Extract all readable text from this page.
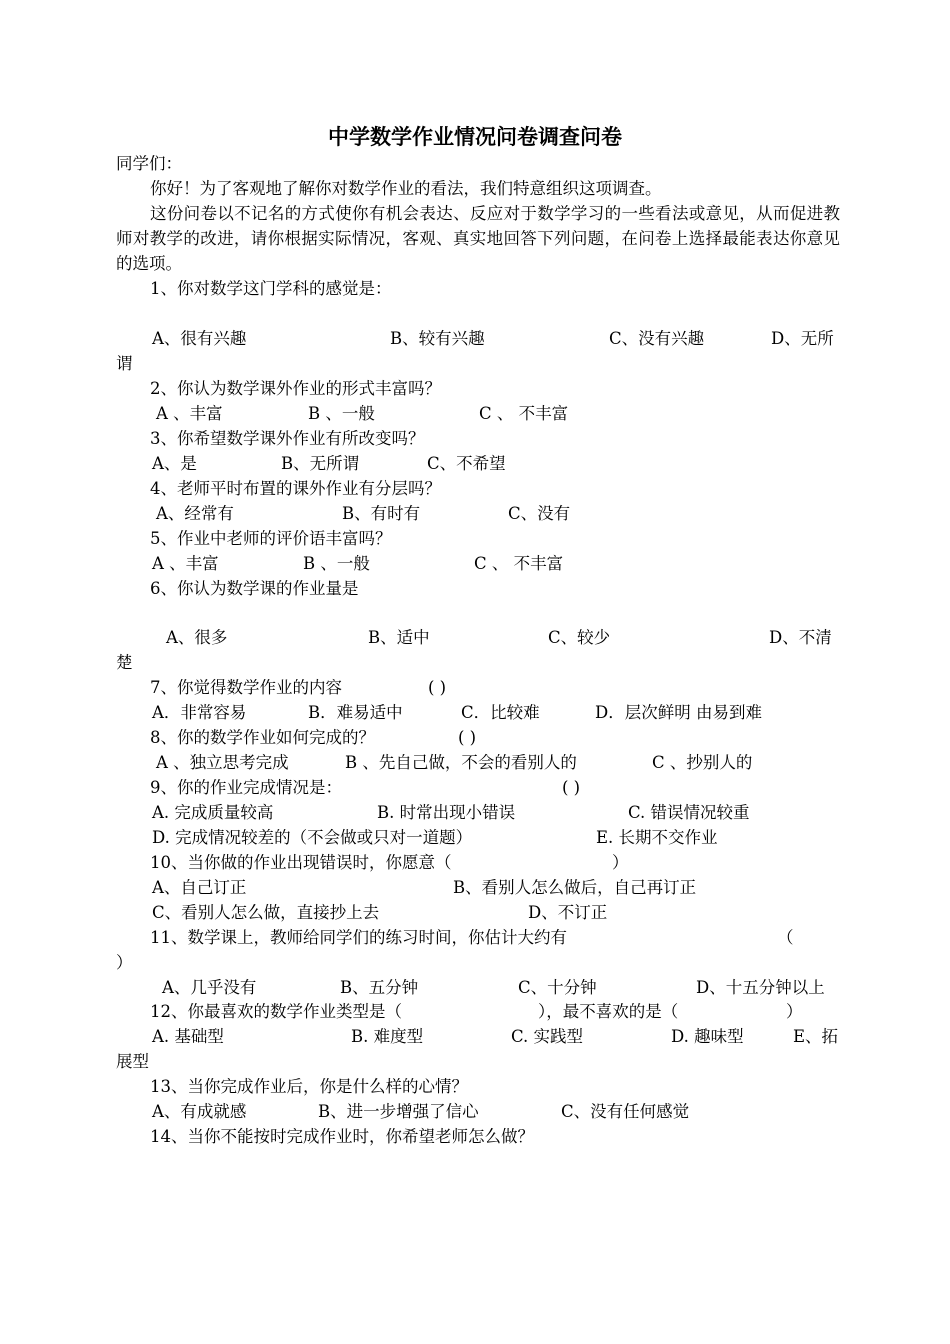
中学数学作业情况问卷调查问卷
同学们：
你好！为了客观地了解你对数学作业的看法，我们特意组织这项调查。
这份问卷以不记名的方式使你有机会表达、反应对于数学学习的一些看法或意见，从而促进教师对教学的改进，请你根据实际情况，客观、真实地回答下列问题，在问卷上选择最能表达你意见的选项。
1、你对数学这门学科的感觉是：
A、很有兴趣	B、较有兴趣	C、没有兴趣	D、无所
谓
2、你认为数学课外作业的形式丰富吗？
A 、丰富	B 、一般	C 、 不丰富
3、你希望数学课外作业有所改变吗？
A、是	B、无所谓	C、不希望
4、老师平时布置的课外作业有分层吗？
A、经常有	B、有时有	C、没有
5、作业中老师的评价语丰富吗？
A 、丰富	B 、一般	C 、 不丰富
6、你认为数学课的作业量是
A、很多	B、适中	C、较少	D、不清
楚
7、你觉得数学作业的内容	( )
A．非常容易	B．难易适中	C．比较难	D．层次鲜明 由易到难
8、你的数学作业如何完成的？	( )
A 、独立思考完成	B 、先自己做，不会的看别人的	C 、抄别人的
9、你的作业完成情况是：	( )
A. 完成质量较高	B. 时常出现小错误	C. 错误情况较重
D. 完成情况较差的（不会做或只对一道题）	E. 长期不交作业
10、当你做的作业出现错误时，你愿意（	）
A、自己订正	B、看别人怎么做后，自己再订正
C、看别人怎么做，直接抄上去	D、不订正
11、数学课上，教师给同学们的练习时间，你估计大约有	（
）
A、几乎没有	B、五分钟	C、十分钟	D、十五分钟以上
12、你最喜欢的数学作业类型是（	），最不喜欢的是（	）
A. 基础型	B. 难度型	C. 实践型	D. 趣味型	E、拓
展型
13、当你完成作业后，你是什么样的心情？
A、有成就感	B、进一步增强了信心	C、没有任何感觉
14、当你不能按时完成作业时，你希望老师怎么做？
